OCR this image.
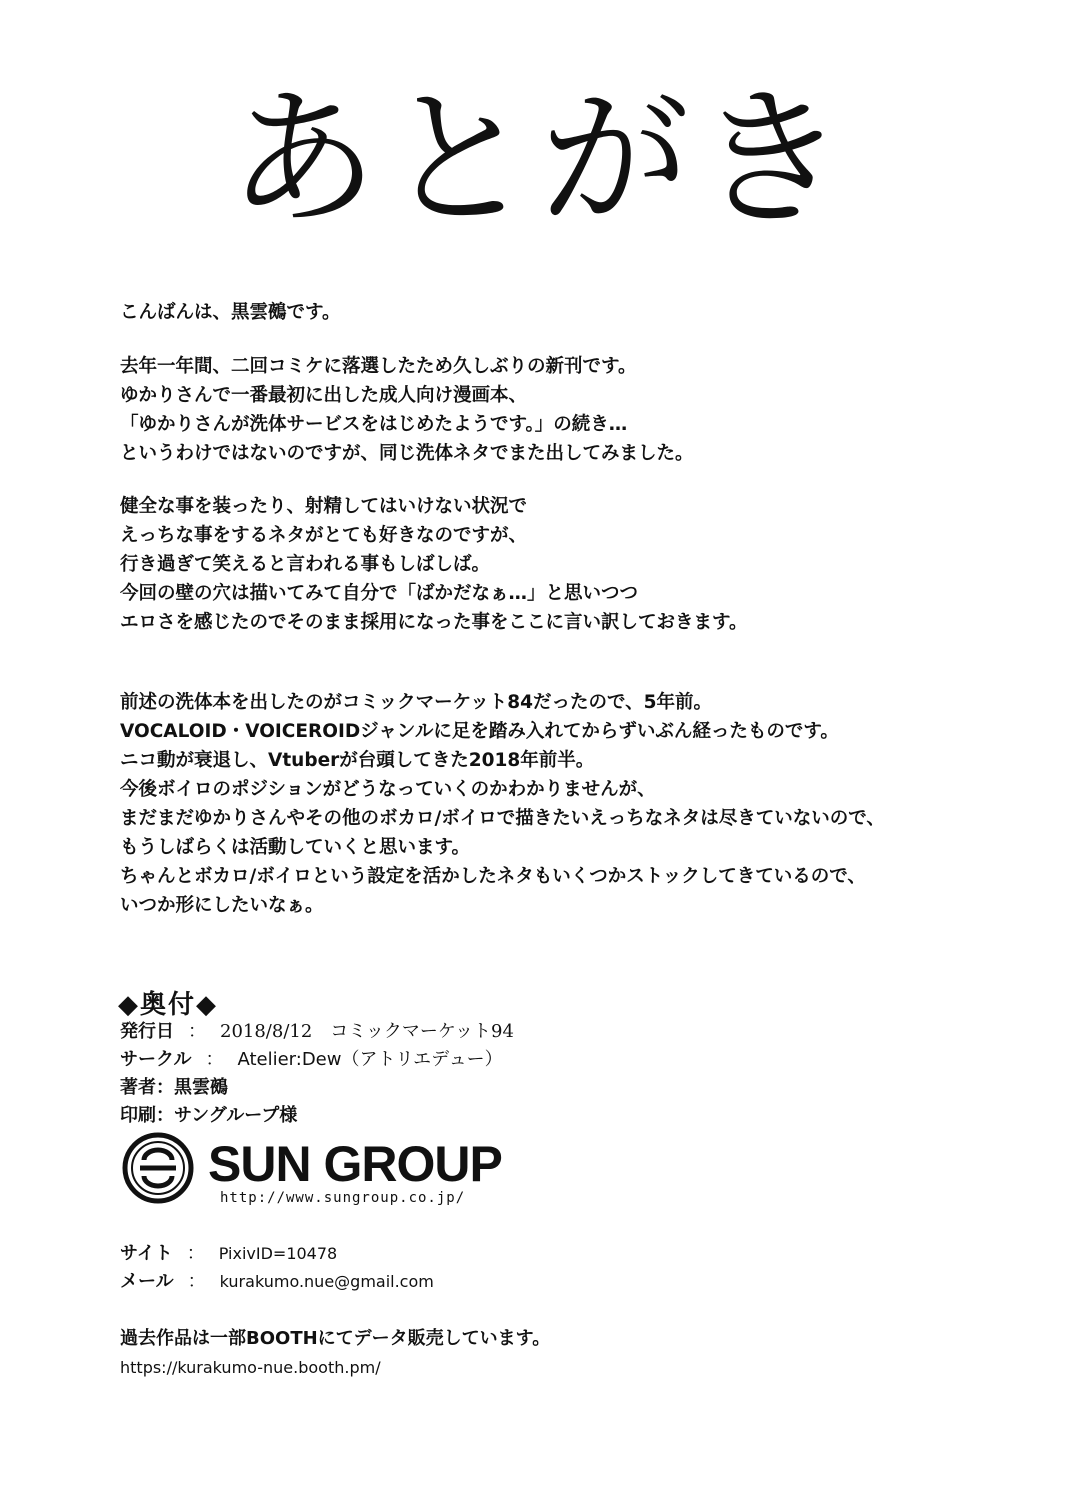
あとがき
こんばんは、黒雲鵺です。
去年一年間、二回コミケに落選したため久しぶりの新刊です。
ゆかりさんで一番最初に出した成人向け漫画本、
「ゆかりさんが洗体サービスをはじめたようです。」の続き…
というわけではないのですが、同じ洗体ネタでまた出してみました。
健全な事を装ったり、射精してはいけない状況で
えっちな事をするネタがとても好きなのですが、
行き過ぎて笑えると言われる事もしばしば。
今回の壁の穴は描いてみて自分で「ばかだなぁ…」と思いつつ
エロさを感じたのでそのまま採用になった事をここに言い訳しておきます。
前述の洗体本を出したのがコミックマーケット84だったので、5年前。
VOCALOID・VOICEROIDジャンルに足を踏み入れてからずいぶん経ったものです。
ニコ動が衰退し、Vtuberが台頭してきた2018年前半。
今後ボイロのポジションがどうなっていくのかわかりませんが、
まだまだゆかりさんやその他のボカロ/ボイロで描きたいえっちなネタは尽きていないので、
もうしばらくは活動していくと思います。
ちゃんとボカロ/ボイロという設定を活かしたネタもいくつかストックしてきているので、
いつか形にしたいなぁ。
◆奥付◆
発行日 ： 2018/8/12　コミックマーケット94
サークル ： Atelier:Dew（アトリエデュー）
著者：黒雲鵺
印刷：サングループ様
SUN GROUP
http://www.sungroup.co.jp/
サイト ： PixivID=10478
メール ： kurakumo.nue@gmail.com
過去作品は一部BOOTHにてデータ販売しています。
https://kurakumo-nue.booth.pm/
